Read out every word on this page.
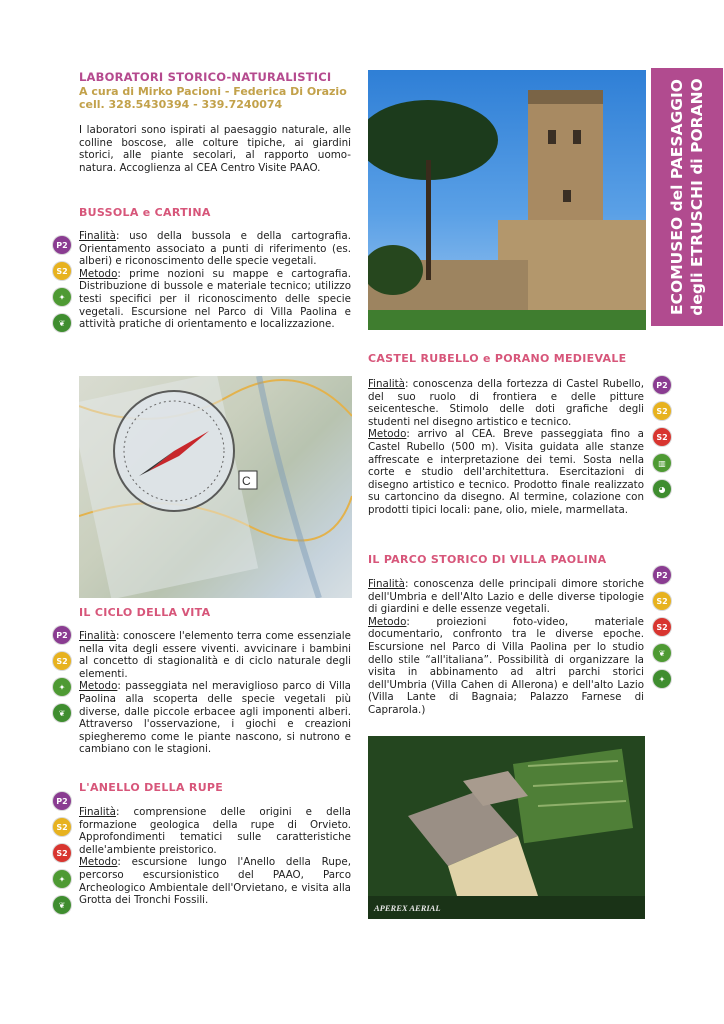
ECOMUSEO del PAESAGGIO degli ETRUSCHI di PORANO
LABORATORI STORICO-NATURALISTICI
A cura di Mirko Pacioni - Federica Di Orazio
cell. 328.5430394 - 339.7240074
I laboratori sono ispirati al paesaggio naturale, alle colline boscose, alle colture tipiche, ai giardini storici, alle piante secolari, al rapporto uomo-natura. Accoglienza al CEA Centro Visite PAAO.
BUSSOLA e CARTINA
Finalità: uso della bussola e della cartografia. Orientamento associato a punti di riferimento (es. alberi) e riconoscimento delle specie vegetali.
Metodo: prime nozioni su mappe e cartografia. Distribuzione di bussole e materiale tecnico; utilizzo testi specifici per il riconoscimento delle specie vegetali. Escursione nel Parco di Villa Paolina e attività pratiche di orientamento e localizzazione.
P2
S2
✦
❦
C
IL CICLO DELLA VITA
Finalità: conoscere l'elemento terra come essenziale nella vita degli essere viventi. avvicinare i bambini al concetto di stagionalità e di ciclo naturale degli elementi.
Metodo: passeggiata nel meraviglioso parco di Villa Paolina alla scoperta delle specie vegetali più diverse, dalle piccole erbacee agli imponenti alberi. Attraverso l'osservazione, i giochi e creazioni spiegheremo come le piante nascono, si nutrono e cambiano con le stagioni.
P2
S2
✦
❦
L'ANELLO DELLA RUPE
Finalità: comprensione delle origini e della formazione geologica della rupe di Orvieto. Approfondimenti tematici sulle caratteristiche delle'ambiente preistorico.
Metodo: escursione lungo l'Anello della Rupe, percorso escursionistico del PAAO, Parco Archeologico Ambientale dell'Orvietano, e visita alla Grotta dei Tronchi Fossili.
P2
S2
S2
✦
❦
CASTEL RUBELLO e PORANO MEDIEVALE
Finalità: conoscenza della fortezza di Castel Rubello, del suo ruolo di frontiera e delle pitture seicentesche. Stimolo delle doti grafiche degli studenti nel disegno artistico e tecnico.
Metodo: arrivo al CEA. Breve passeggiata fino a Castel Rubello (500 m). Visita guidata alle stanze affrescate e interpretazione dei temi. Sosta nella corte e studio dell'architettura. Esercitazioni di disegno artistico e tecnico. Prodotto finale realizzato su cartoncino da disegno. Al termine, colazione con prodotti tipici locali: pane, olio, miele, marmellata.
P2
S2
S2
▥
◕
IL PARCO STORICO DI VILLA PAOLINA
Finalità: conoscenza delle principali dimore storiche dell'Umbria e dell'Alto Lazio e delle diverse tipologie di giardini e delle essenze vegetali.
Metodo: proiezioni foto-video, materiale documentario, confronto tra le diverse epoche. Escursione nel Parco di Villa Paolina per lo studio dello stile “all'italiana”. Possibilità di organizzare la visita in abbinamento ad altri parchi storici dell'Umbria (Villa Cahen di Allerona) e dell'alto Lazio (Villa Lante di Bagnaia; Palazzo Farnese di Caprarola.)
P2
S2
S2
❦
✦
APEREX AERIAL
